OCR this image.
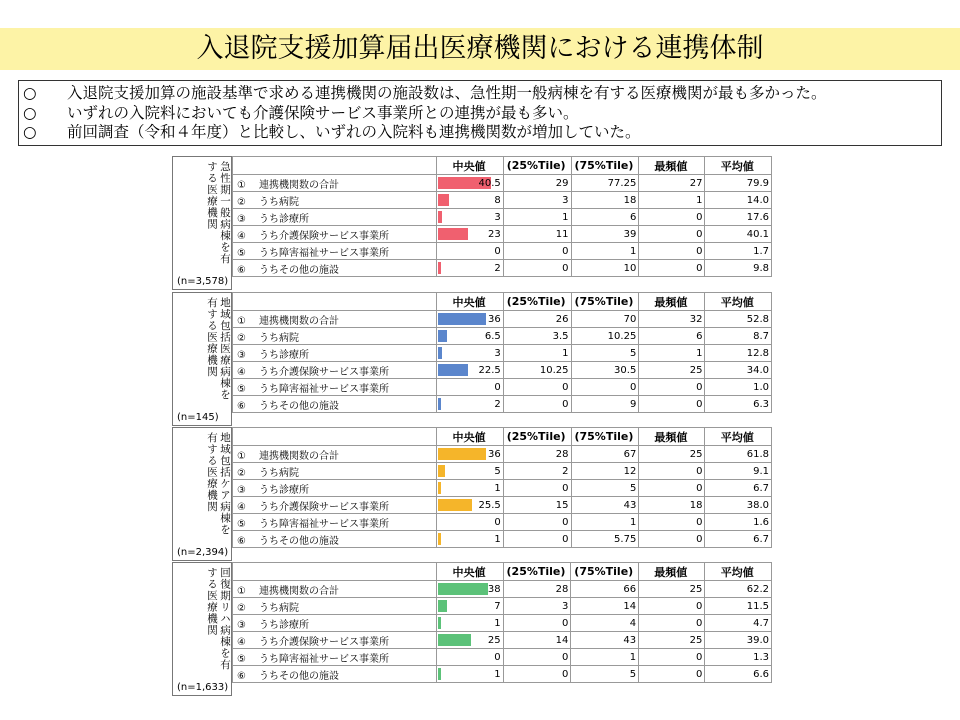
入退院支援加算届出医療機関における連携体制
○	入退院支援加算の施設基準で求める連携機関の施設数は、急性期一般病棟を有する医療機関が最も多かった。
○	いずれの入院料においても介護保険サービス事業所との連携が最も多い。
○	前回調査（令和４年度）と比較し、いずれの入院料も連携機関数が増加していた。
急性期一般病棟を有する医療機関
(n=3,578)
	中央値	(25%Tile)	(75%Tile)	最頻値	平均値
① 連携機関数の合計	40.5	29	77.25	27	79.9
② うち病院	8	3	18	1	14.0
③ うち診療所	3	1	6	0	17.6
④ うち介護保険サービス事業所	23	11	39	0	40.1
⑤ うち障害福祉サービス事業所	0	0	1	0	1.7
⑥ うちその他の施設	2	0	10	0	9.8
地域包括医療病棟を有する医療機関
(n=145)
	中央値	(25%Tile)	(75%Tile)	最頻値	平均値
① 連携機関数の合計	36	26	70	32	52.8
② うち病院	6.5	3.5	10.25	6	8.7
③ うち診療所	3	1	5	1	12.8
④ うち介護保険サービス事業所	22.5	10.25	30.5	25	34.0
⑤ うち障害福祉サービス事業所	0	0	0	0	1.0
⑥ うちその他の施設	2	0	9	0	6.3
地域包括ケア病棟を有する医療機関
(n=2,394)
	中央値	(25%Tile)	(75%Tile)	最頻値	平均値
① 連携機関数の合計	36	28	67	25	61.8
② うち病院	5	2	12	0	9.1
③ うち診療所	1	0	5	0	6.7
④ うち介護保険サービス事業所	25.5	15	43	18	38.0
⑤ うち障害福祉サービス事業所	0	0	1	0	1.6
⑥ うちその他の施設	1	0	5.75	0	6.7
回復期リハ病棟を有する医療機関
(n=1,633)
	中央値	(25%Tile)	(75%Tile)	最頻値	平均値
① 連携機関数の合計	38	28	66	25	62.2
② うち病院	7	3	14	0	11.5
③ うち診療所	1	0	4	0	4.7
④ うち介護保険サービス事業所	25	14	43	25	39.0
⑤ うち障害福祉サービス事業所	0	0	1	0	1.3
⑥ うちその他の施設	1	0	5	0	6.6
